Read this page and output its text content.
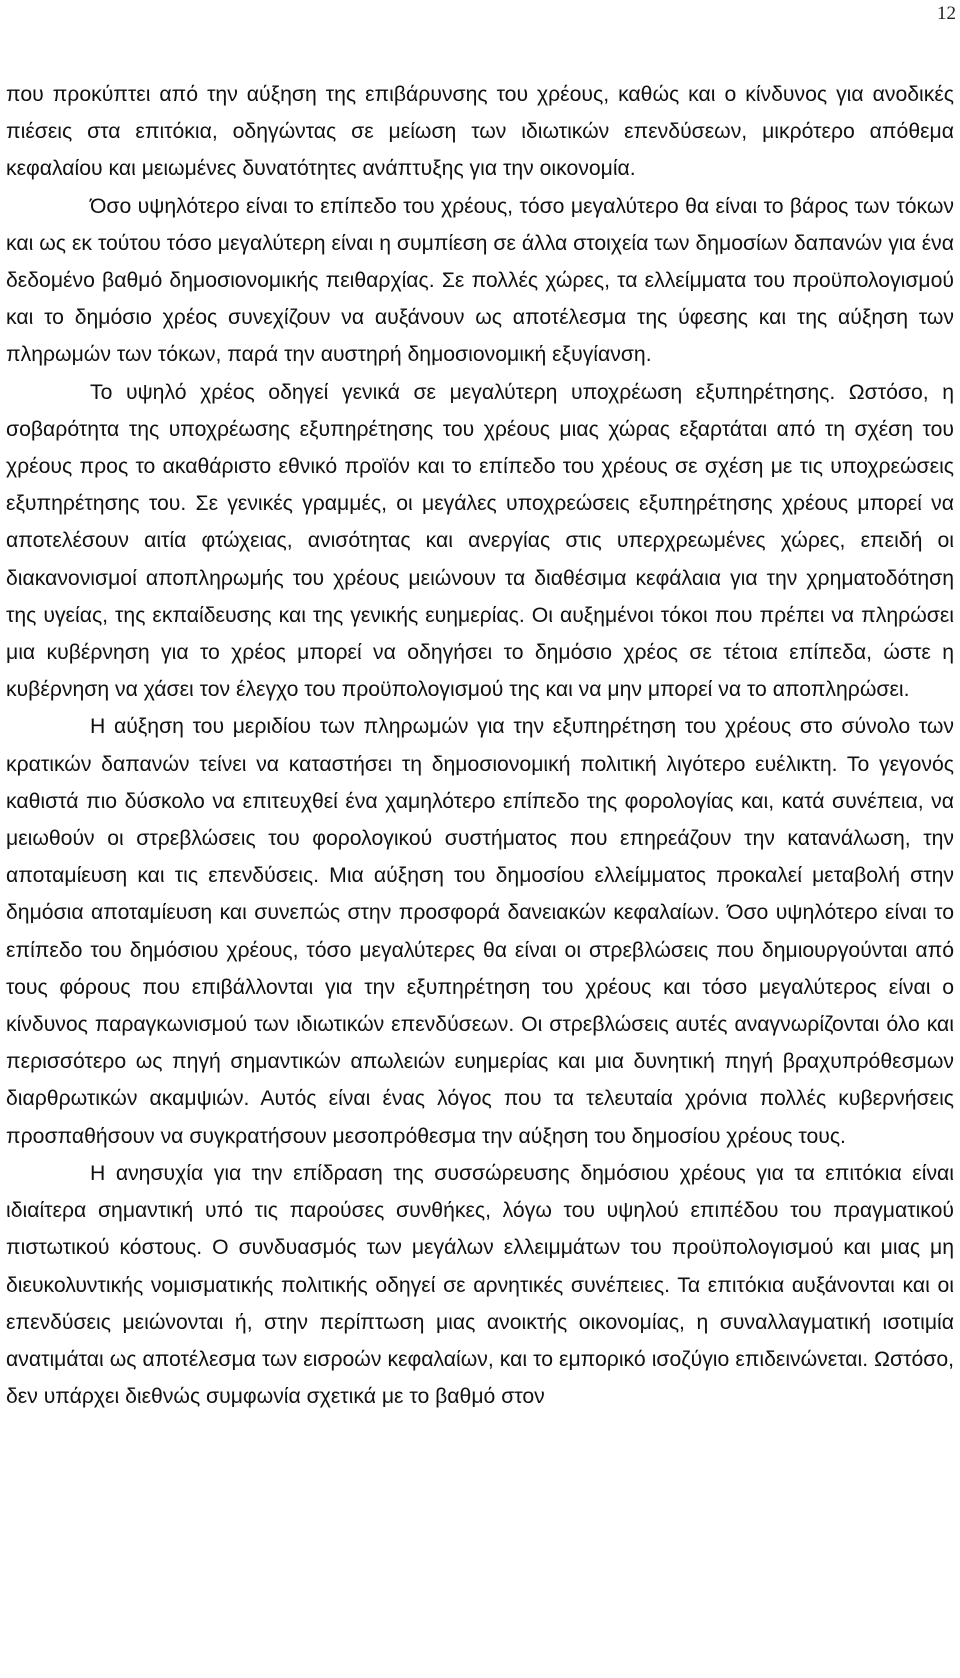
12

που προκύπτει από την αύξηση της επιβάρυνσης του χρέους, καθώς και ο κίνδυνος για ανοδικές πιέσεις στα επιτόκια, οδηγώντας σε μείωση των ιδιωτικών επενδύσεων, μικρότερο απόθεμα κεφαλαίου και μειωμένες δυνατότητες ανάπτυξης για την οικονομία.

Όσο υψηλότερο είναι το επίπεδο του χρέους, τόσο μεγαλύτερο θα είναι το βάρος των τόκων και ως εκ τούτου τόσο μεγαλύτερη είναι η συμπίεση σε άλλα στοιχεία των δημοσίων δαπανών για ένα δεδομένο βαθμό δημοσιονομικής πειθαρχίας. Σε πολλές χώρες, τα ελλείμματα του προϋπολογισμού και το δημόσιο χρέος συνεχίζουν να αυξάνουν ως αποτέλεσμα της ύφεσης και της αύξηση των πληρωμών των τόκων, παρά την αυστηρή δημοσιονομική εξυγίανση.

Το υψηλό χρέος οδηγεί γενικά σε μεγαλύτερη υποχρέωση εξυπηρέτησης. Ωστόσο, η σοβαρότητα της υποχρέωσης εξυπηρέτησης του χρέους μιας χώρας εξαρτάται από τη σχέση του χρέους προς το ακαθάριστο εθνικό προϊόν και το επίπεδο του χρέους σε σχέση με τις υποχρεώσεις εξυπηρέτησης του. Σε γενικές γραμμές, οι μεγάλες υποχρεώσεις εξυπηρέτησης χρέους μπορεί να αποτελέσουν αιτία φτώχειας, ανισότητας και ανεργίας στις υπερχρεωμένες χώρες, επειδή οι διακανονισμοί αποπληρωμής του χρέους μειώνουν τα διαθέσιμα κεφάλαια για την χρηματοδότηση της υγείας, της εκπαίδευσης και της γενικής ευημερίας. Οι αυξημένοι τόκοι που πρέπει να πληρώσει μια κυβέρνηση για το χρέος μπορεί να οδηγήσει το δημόσιο χρέος σε τέτοια επίπεδα, ώστε η κυβέρνηση να χάσει τον έλεγχο του προϋπολογισμού της και να μην μπορεί να το αποπληρώσει.

Η αύξηση του μεριδίου των πληρωμών για την εξυπηρέτηση του χρέους στο σύνολο των κρατικών δαπανών τείνει να καταστήσει τη δημοσιονομική πολιτική λιγότερο ευέλικτη. Το γεγονός καθιστά πιο δύσκολο να επιτευχθεί ένα χαμηλότερο επίπεδο της φορολογίας και, κατά συνέπεια, να μειωθούν οι στρεβλώσεις του φορολογικού συστήματος που επηρεάζουν την κατανάλωση, την αποταμίευση και τις επενδύσεις. Μια αύξηση του δημοσίου ελλείμματος προκαλεί μεταβολή στην δημόσια αποταμίευση και συνεπώς στην προσφορά δανειακών κεφαλαίων. Όσο υψηλότερο είναι το επίπεδο του δημόσιου χρέους, τόσο μεγαλύτερες θα είναι οι στρεβλώσεις που δημιουργούνται από τους φόρους που επιβάλλονται για την εξυπηρέτηση του χρέους και τόσο μεγαλύτερος είναι ο κίνδυνος παραγκωνισμού των ιδιωτικών επενδύσεων. Οι στρεβλώσεις αυτές αναγνωρίζονται όλο και περισσότερο ως πηγή σημαντικών απωλειών ευημερίας και μια δυνητική πηγή βραχυπρόθεσμων διαρθρωτικών ακαμψιών. Αυτός είναι ένας λόγος που τα τελευταία χρόνια πολλές κυβερνήσεις προσπαθήσουν να συγκρατήσουν μεσοπρόθεσμα την αύξηση του δημοσίου χρέους τους.

Η ανησυχία για την επίδραση της συσσώρευσης δημόσιου χρέους για τα επιτόκια είναι ιδιαίτερα σημαντική υπό τις παρούσες συνθήκες, λόγω του υψηλού επιπέδου του πραγματικού πιστωτικού κόστους. Ο συνδυασμός των μεγάλων ελλειμμάτων του προϋπολογισμού και μιας μη διευκολυντικής νομισματικής πολιτικής οδηγεί σε αρνητικές συνέπειες. Τα επιτόκια αυξάνονται και οι επενδύσεις μειώνονται ή, στην περίπτωση μιας ανοικτής οικονομίας, η συναλλαγματική ισοτιμία ανατιμάται ως αποτέλεσμα των εισροών κεφαλαίων, και το εμπορικό ισοζύγιο επιδεινώνεται. Ωστόσο, δεν υπάρχει διεθνώς συμφωνία σχετικά με το βαθμό στον
